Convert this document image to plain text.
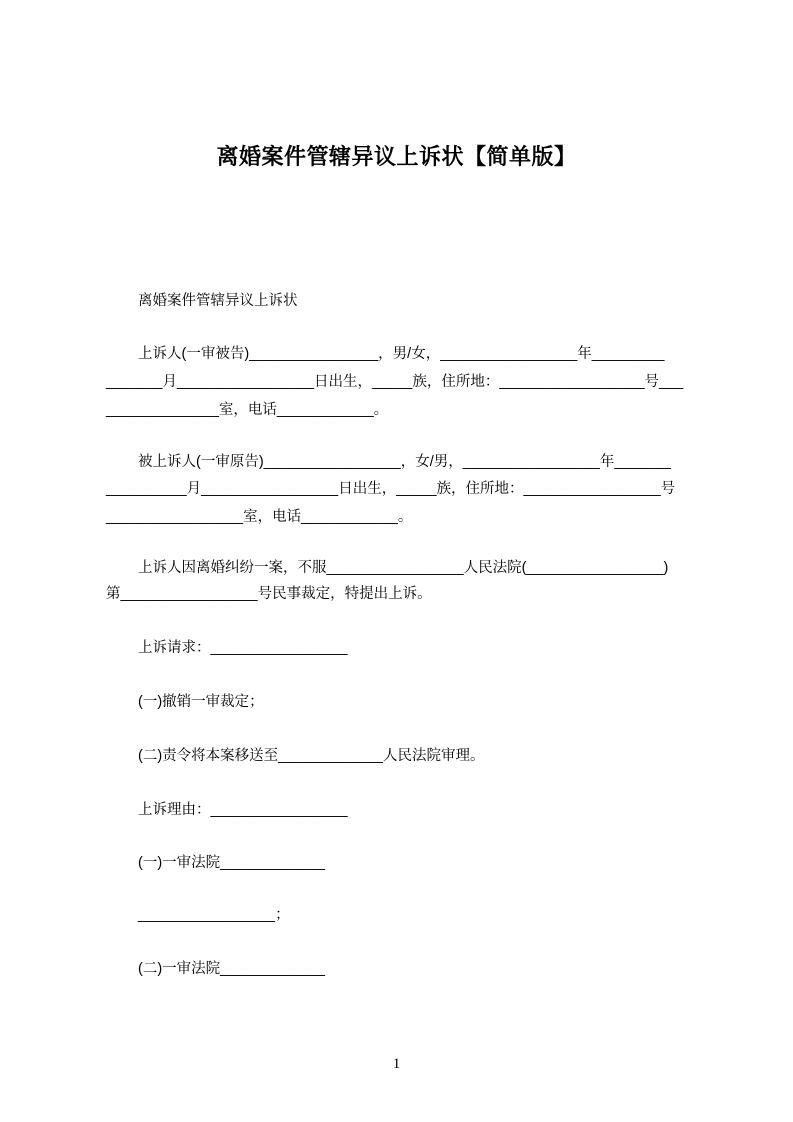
离婚案件管辖异议上诉状【简单版】
离婚案件管辖异议上诉状
上诉人(一审被告)________________，男/女，_________________年_________
_______月_________________日出生，_____族，住所地：__________________号___
______________室，电话____________。
被上诉人(一审原告)_________________，女/男，_________________年_______
__________月_________________日出生，_____族，住所地：_________________号
_________________室，电话____________。
上诉人因离婚纠纷一案，不服_________________人民法院(_________________)
第_________________号民事裁定，特提出上诉。
上诉请求：_________________
(一)撤销一审裁定；
(二)责令将本案移送至_____________人民法院审理。
上诉理由：_________________
(一)一审法院_____________
_________________；
(二)一审法院_____________
1
